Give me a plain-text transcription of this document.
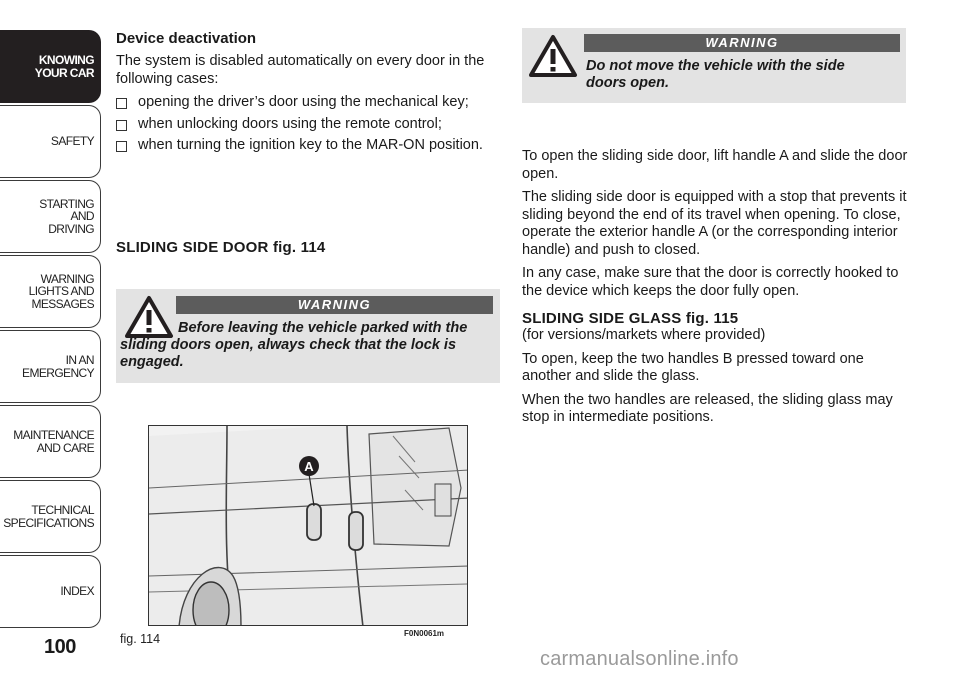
KNOWING
YOUR CAR
SAFETY
STARTING
AND
DRIVING
WARNING
LIGHTS AND
MESSAGES
IN AN
EMERGENCY
MAINTENANCE
AND CARE
TECHNICAL
SPECIFICATIONS
INDEX
100
Device deactivation

The system is disabled automatically on every door in the following cases:

opening the driver’s door using the mechanical key;
when unlocking doors using the remote control;
when turning the ignition key to the MAR-ON position.
SLIDING SIDE DOOR fig. 114
WARNING
Before leaving the vehicle parked with the sliding doors open, always check that the lock is engaged.
A
fig. 114	F0N0061m
WARNING
Do not move the vehicle with the side doors open.

To open the sliding side door, lift handle A and slide the door open.

The sliding side door is equipped with a stop that prevents it sliding beyond the end of its travel when opening. To close, operate the exterior handle A (or the corresponding interior handle) and push to closed.

In any case, make sure that the door is correctly hooked to the device which keeps the door fully open.

SLIDING SIDE GLASS fig. 115

(for versions/markets where provided)

To open, keep the two handles B pressed toward one another and slide the glass.

When the two handles are released, the sliding glass may stop in intermediate positions.

carmanualsonline.info
